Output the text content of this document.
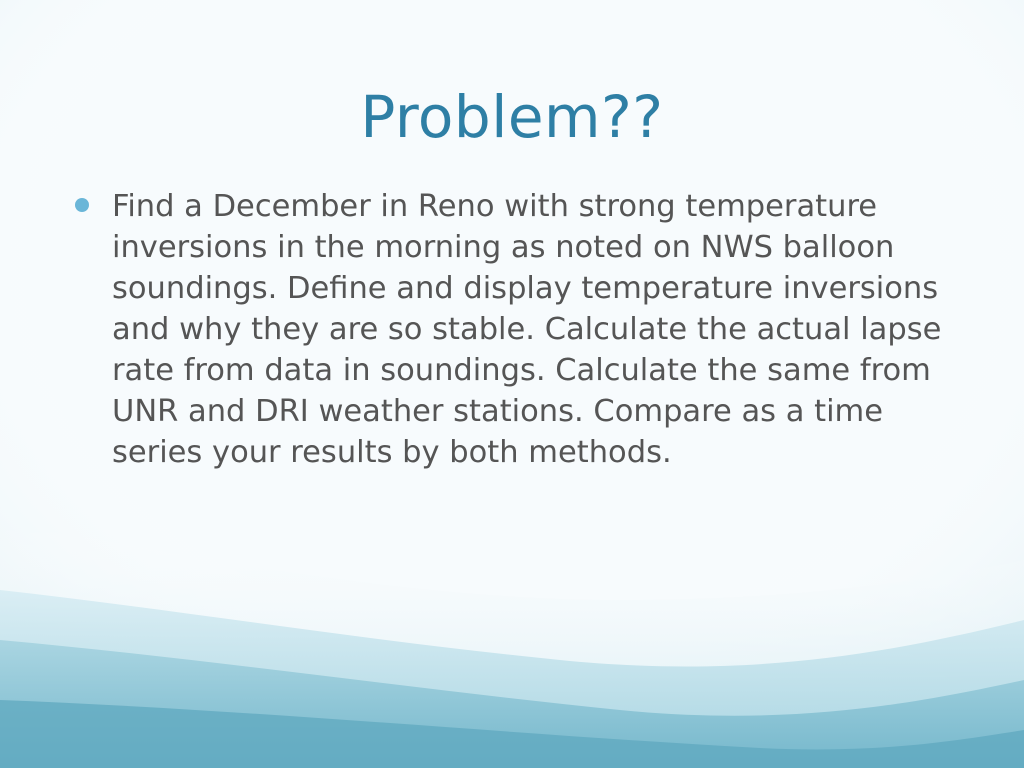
Problem??
Find a December in Reno with strong temperature inversions in the morning as noted on NWS balloon soundings. Define and display temperature inversions and why they are so stable. Calculate the actual lapse rate from data in soundings. Calculate the same from UNR and DRI weather stations. Compare as a time series your results by both methods.
